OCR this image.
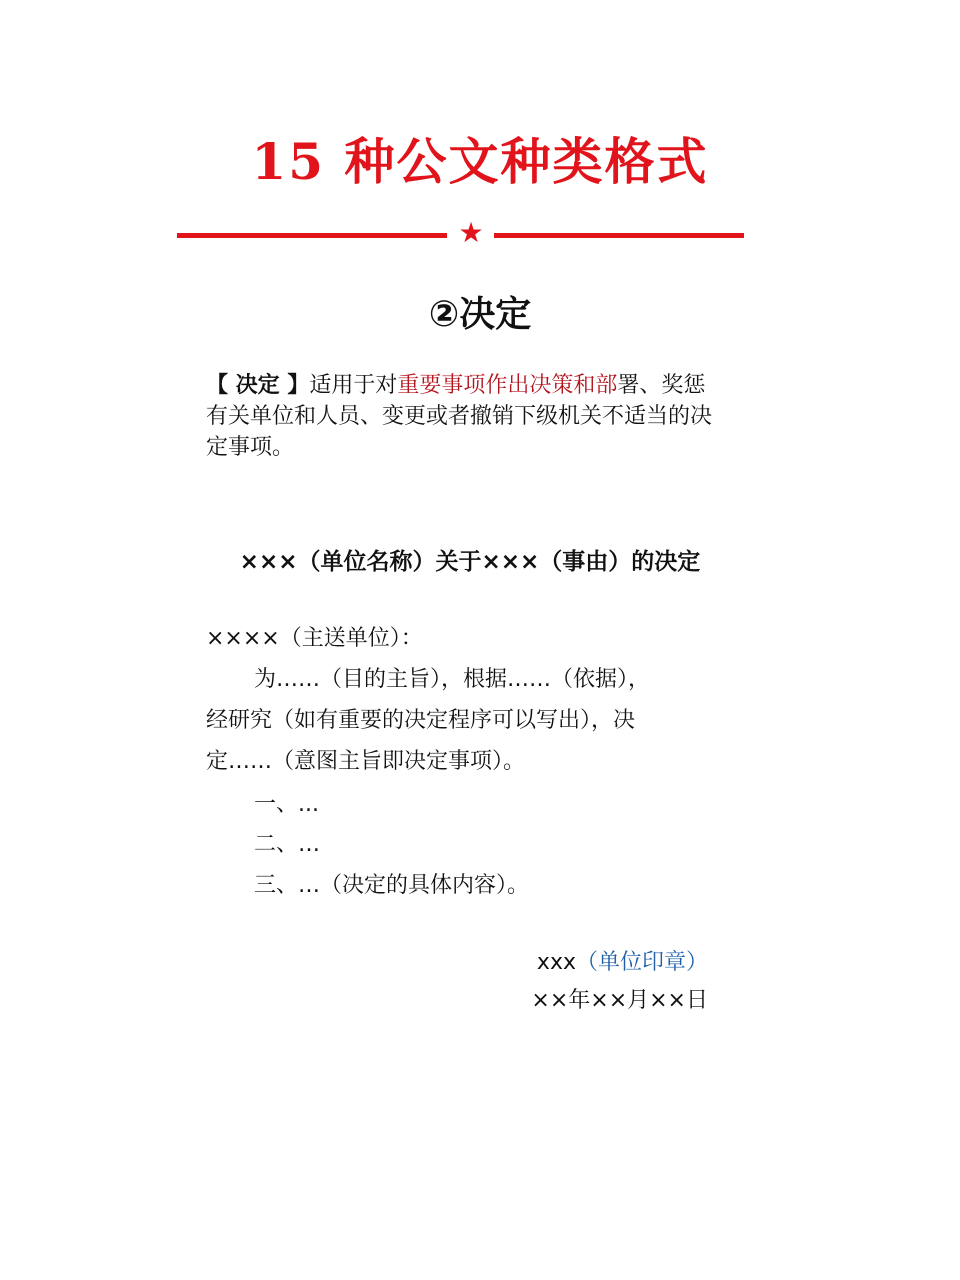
15 种公文种类格式
★
②决定
【 决定 】适用于对重要事项作出决策和部署、奖惩有关单位和人员、变更或者撤销下级机关不适当的决定事项。
×××（单位名称）关于×××（事由）的决定
××××（主送单位）：
为……（目的主旨），根据……（依据），
经研究（如有重要的决定程序可以写出），决
定……（意图主旨即决定事项）。
一、...
二、…
三、…（决定的具体内容）。
xxx（单位印章）
××年××月××日
